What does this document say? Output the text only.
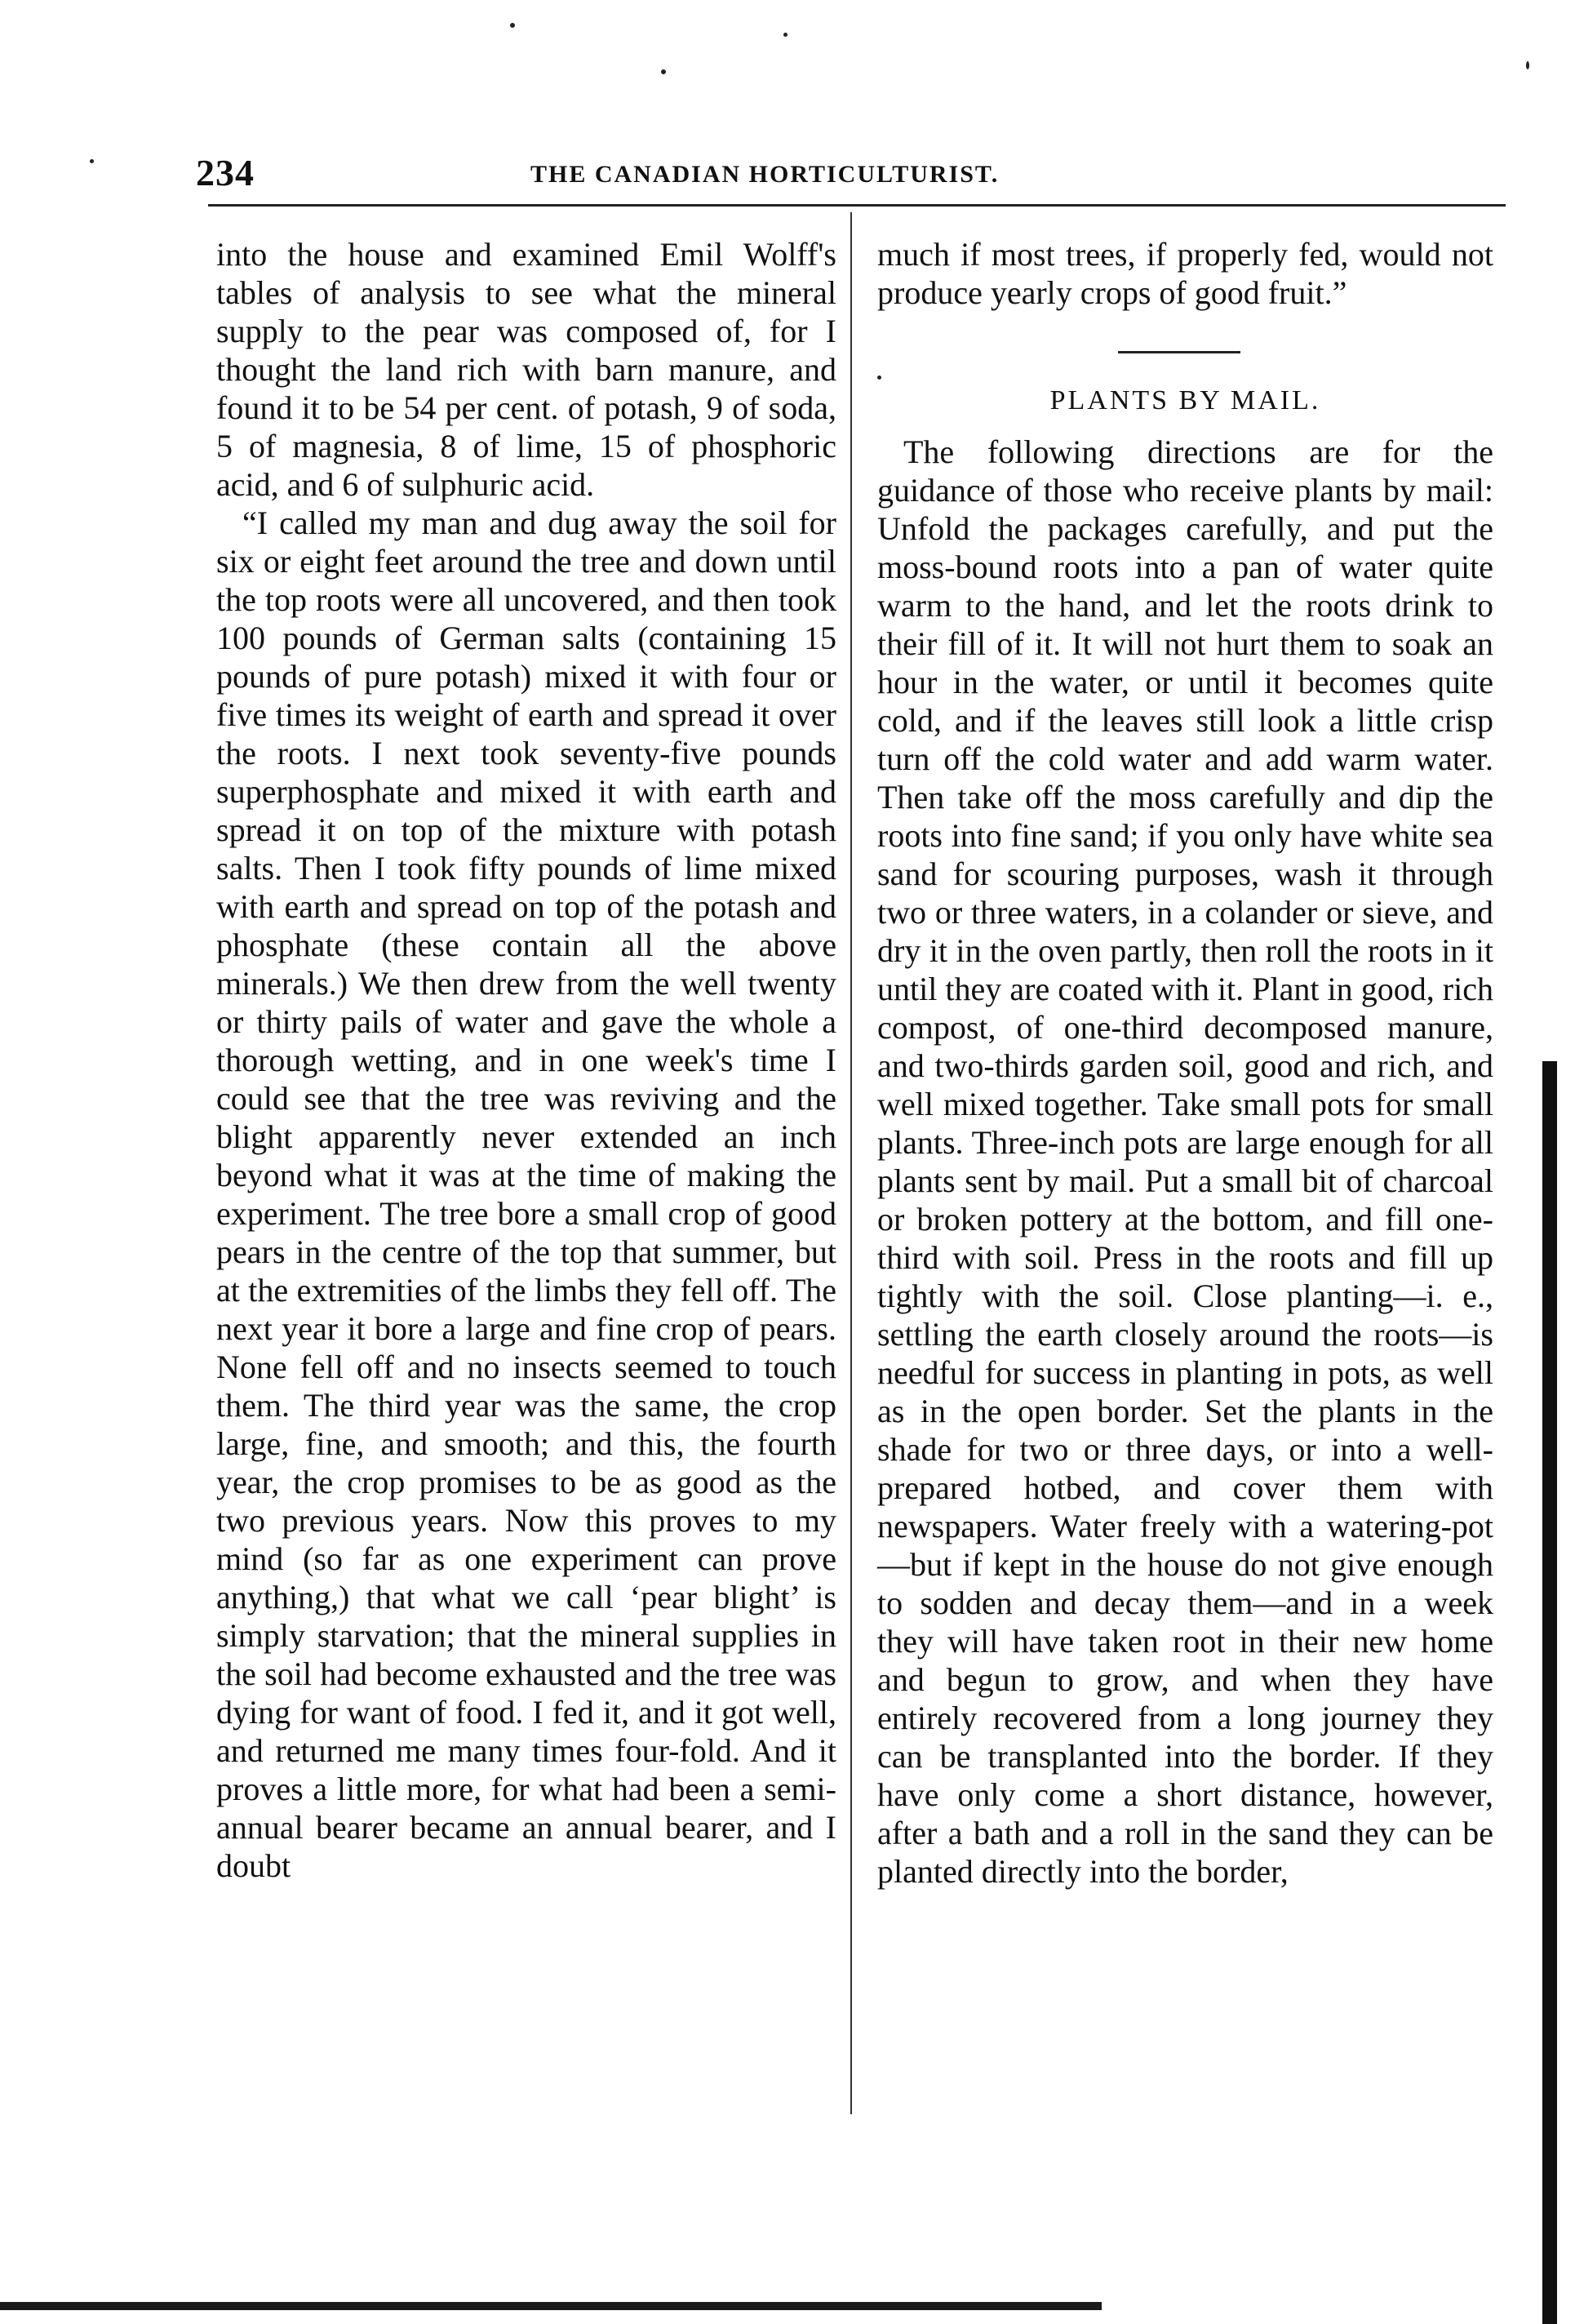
234	THE CANADIAN HORTICULTURIST.

into the house and examined Emil Wolff's tables of analysis to see what the mineral supply to the pear was composed of, for I thought the land rich with barn manure, and found it to be 54 per cent. of potash, 9 of soda, 5 of magnesia, 8 of lime, 15 of phosphoric acid, and 6 of sulphuric acid.

“I called my man and dug away the soil for six or eight feet around the tree and down until the top roots were all uncovered, and then took 100 pounds of German salts (containing 15 pounds of pure potash) mixed it with four or five times its weight of earth and spread it over the roots. I next took seventy-five pounds superphosphate and mixed it with earth and spread it on top of the mixture with potash salts. Then I took fifty pounds of lime mixed with earth and spread on top of the potash and phosphate (these contain all the above minerals.) We then drew from the well twenty or thirty pails of water and gave the whole a thorough wetting, and in one week's time I could see that the tree was reviving and the blight apparently never extended an inch beyond what it was at the time of making the experiment. The tree bore a small crop of good pears in the centre of the top that summer, but at the extremities of the limbs they fell off. The next year it bore a large and fine crop of pears. None fell off and no insects seemed to touch them. The third year was the same, the crop large, fine, and smooth; and this, the fourth year, the crop promises to be as good as the two previous years. Now this proves to my mind (so far as one experiment can prove anything,) that what we call ‘pear blight’ is simply starvation; that the mineral supplies in the soil had become exhausted and the tree was dying for want of food. I fed it, and it got well, and returned me many times four-fold. And it proves a little more, for what had been a semi-annual bearer became an annual bearer, and I doubt

much if most trees, if properly fed, would not produce yearly crops of good fruit.”

PLANTS BY MAIL.

The following directions are for the guidance of those who receive plants by mail: Unfold the packages carefully, and put the moss-bound roots into a pan of water quite warm to the hand, and let the roots drink to their fill of it. It will not hurt them to soak an hour in the water, or until it becomes quite cold, and if the leaves still look a little crisp turn off the cold water and add warm water. Then take off the moss carefully and dip the roots into fine sand; if you only have white sea sand for scouring purposes, wash it through two or three waters, in a colander or sieve, and dry it in the oven partly, then roll the roots in it until they are coated with it. Plant in good, rich compost, of one-third decomposed manure, and two-thirds garden soil, good and rich, and well mixed together. Take small pots for small plants. Three-inch pots are large enough for all plants sent by mail. Put a small bit of charcoal or broken pottery at the bottom, and fill one-third with soil. Press in the roots and fill up tightly with the soil. Close planting—i. e., settling the earth closely around the roots—is needful for success in planting in pots, as well as in the open border. Set the plants in the shade for two or three days, or into a well-prepared hotbed, and cover them with newspapers. Water freely with a watering-pot—but if kept in the house do not give enough to sodden and decay them—and in a week they will have taken root in their new home and begun to grow, and when they have entirely recovered from a long journey they can be transplanted into the border. If they have only come a short distance, however, after a bath and a roll in the sand they can be planted directly into the border,
